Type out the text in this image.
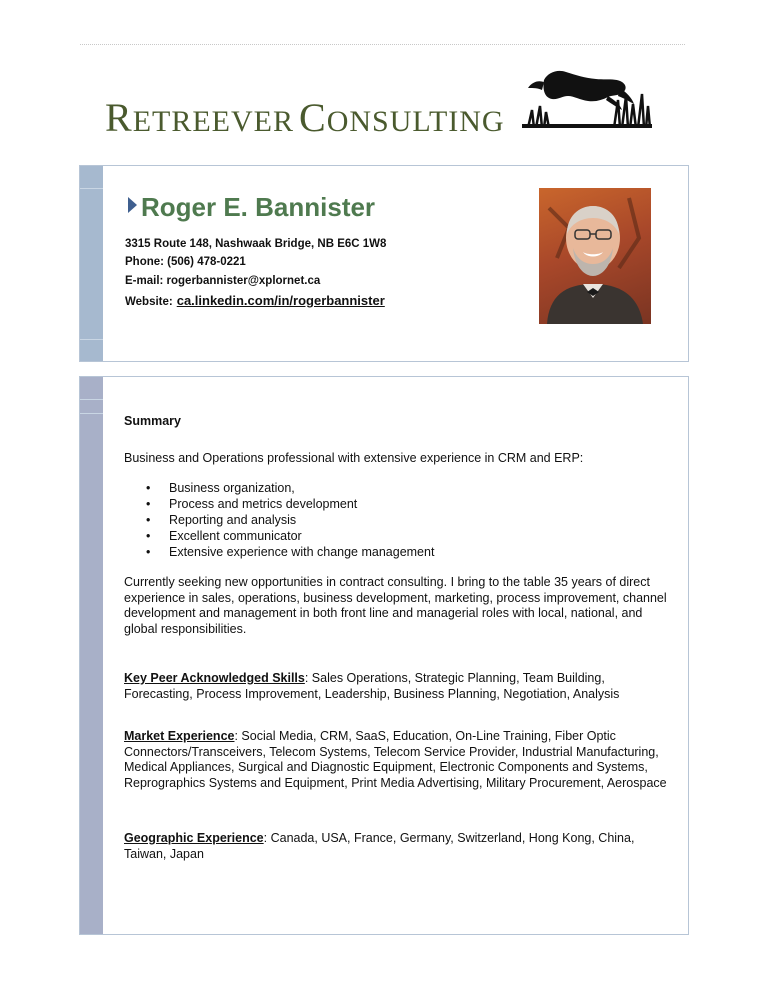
RETREEVER CONSULTING
Roger E. Bannister
3315 Route 148, Nashwaak Bridge, NB E6C 1W8
Phone: (506) 478-0221
E-mail: rogerbannister@xplornet.ca
Website: ca.linkedin.com/in/rogerbannister
Summary
Business and Operations professional with extensive experience in CRM and ERP:
• Business organization,
• Process and metrics development
• Reporting and analysis
• Excellent communicator
• Extensive experience with change management
Currently seeking new opportunities in contract consulting. I bring to the table 35 years of direct experience in sales, operations, business development, marketing, process improvement, channel development and management in both front line and managerial roles with local, national, and global responsibilities.
Key Peer Acknowledged Skills: Sales Operations, Strategic Planning, Team Building, Forecasting, Process Improvement, Leadership, Business Planning, Negotiation, Analysis
Market Experience: Social Media, CRM, SaaS, Education, On-Line Training, Fiber Optic Connectors/Transceivers, Telecom Systems, Telecom Service Provider, Industrial Manufacturing, Medical Appliances, Surgical and Diagnostic Equipment, Electronic Components and Systems, Reprographics Systems and Equipment, Print Media Advertising, Military Procurement, Aerospace
Geographic Experience: Canada, USA, France, Germany, Switzerland, Hong Kong, China, Taiwan, Japan
